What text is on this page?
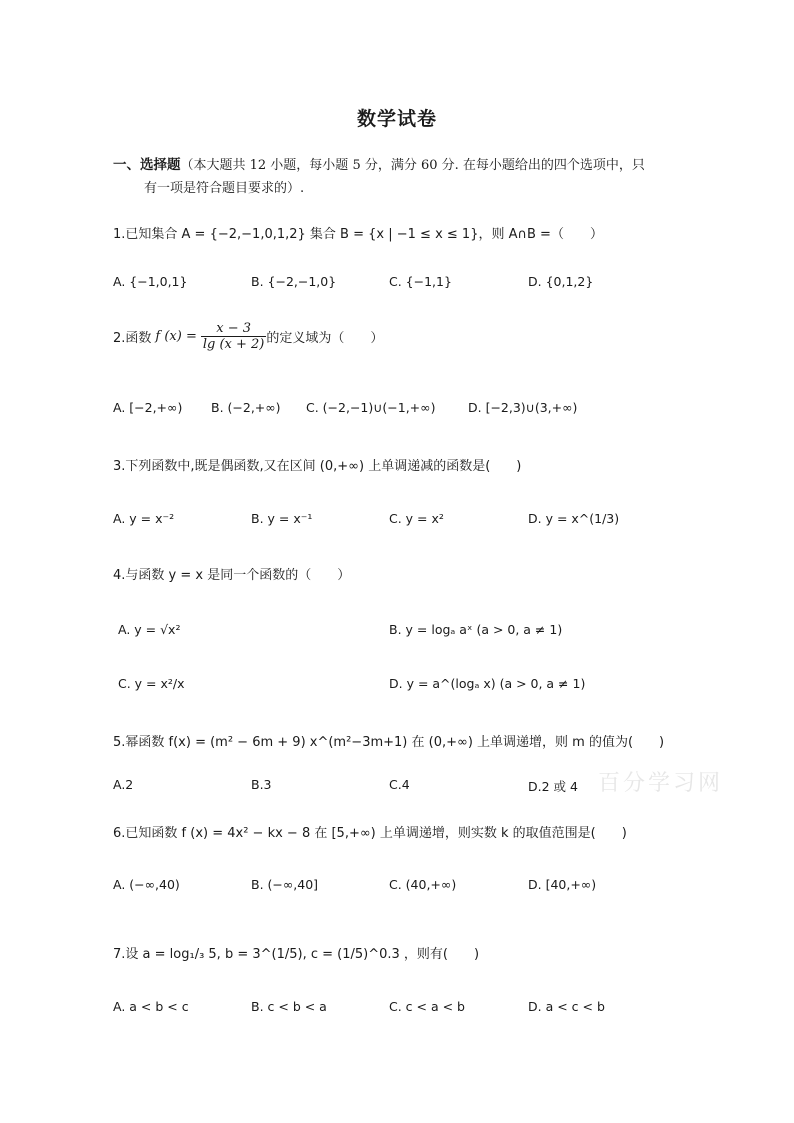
数学试卷
一、选择题（本大题共 12 小题，每小题 5 分，满分 60 分. 在每小题给出的四个选项中，只
有一项是符合题目要求的）.
1.已知集合 A = {−2,−1,0,1,2} 集合 B = {x | −1 ≤ x ≤ 1}，则 A∩B =（　　）
A. {−1,0,1}	B. {−2,−1,0}	C. {−1,1}	D. {0,1,2}
2.函数 f $(x) = \frac{x - 3}{\lg (x + 2)}$ 的定义域为（　　）
A. [−2,+∞) B. (−2,+∞) C. (−2,−1)∪(−1,+∞)	D. [−2,3)∪(3,+∞)
3.下列函数中,既是偶函数,又在区间 (0,+∞) 上单调递减的函数是(　　)
A. y = x⁻²	B. y = x⁻¹	C. y = x²	D. y = x^(1/3)
4.与函数 y = x 是同一个函数的（　　）
A. y = √x²	B. y = logₐ aˣ (a > 0, a ≠ 1)
C. y = x²/x	D. y = a^(logₐ x) (a > 0, a ≠ 1)
5.幂函数 f(x) = (m² − 6m + 9) x^(m²−3m+1) 在 (0,+∞) 上单调递增，则 m 的值为(　　)
A.2	B.3	C.4	D.2 或 4 百分学习网
6.已知函数 f (x) = 4x² − kx − 8 在 [5,+∞) 上单调递增，则实数 k 的取值范围是(　　)
A. (−∞,40)	B. (−∞,40]	C. (40,+∞)	D. [40,+∞)
7.设 a = log₁/₃ 5, b = 3^(1/5), c = (1/5)^0.3 ，则有(　　)
A. a < b < c	B. c < b < a	C. c < a < b	D. a < c < b
